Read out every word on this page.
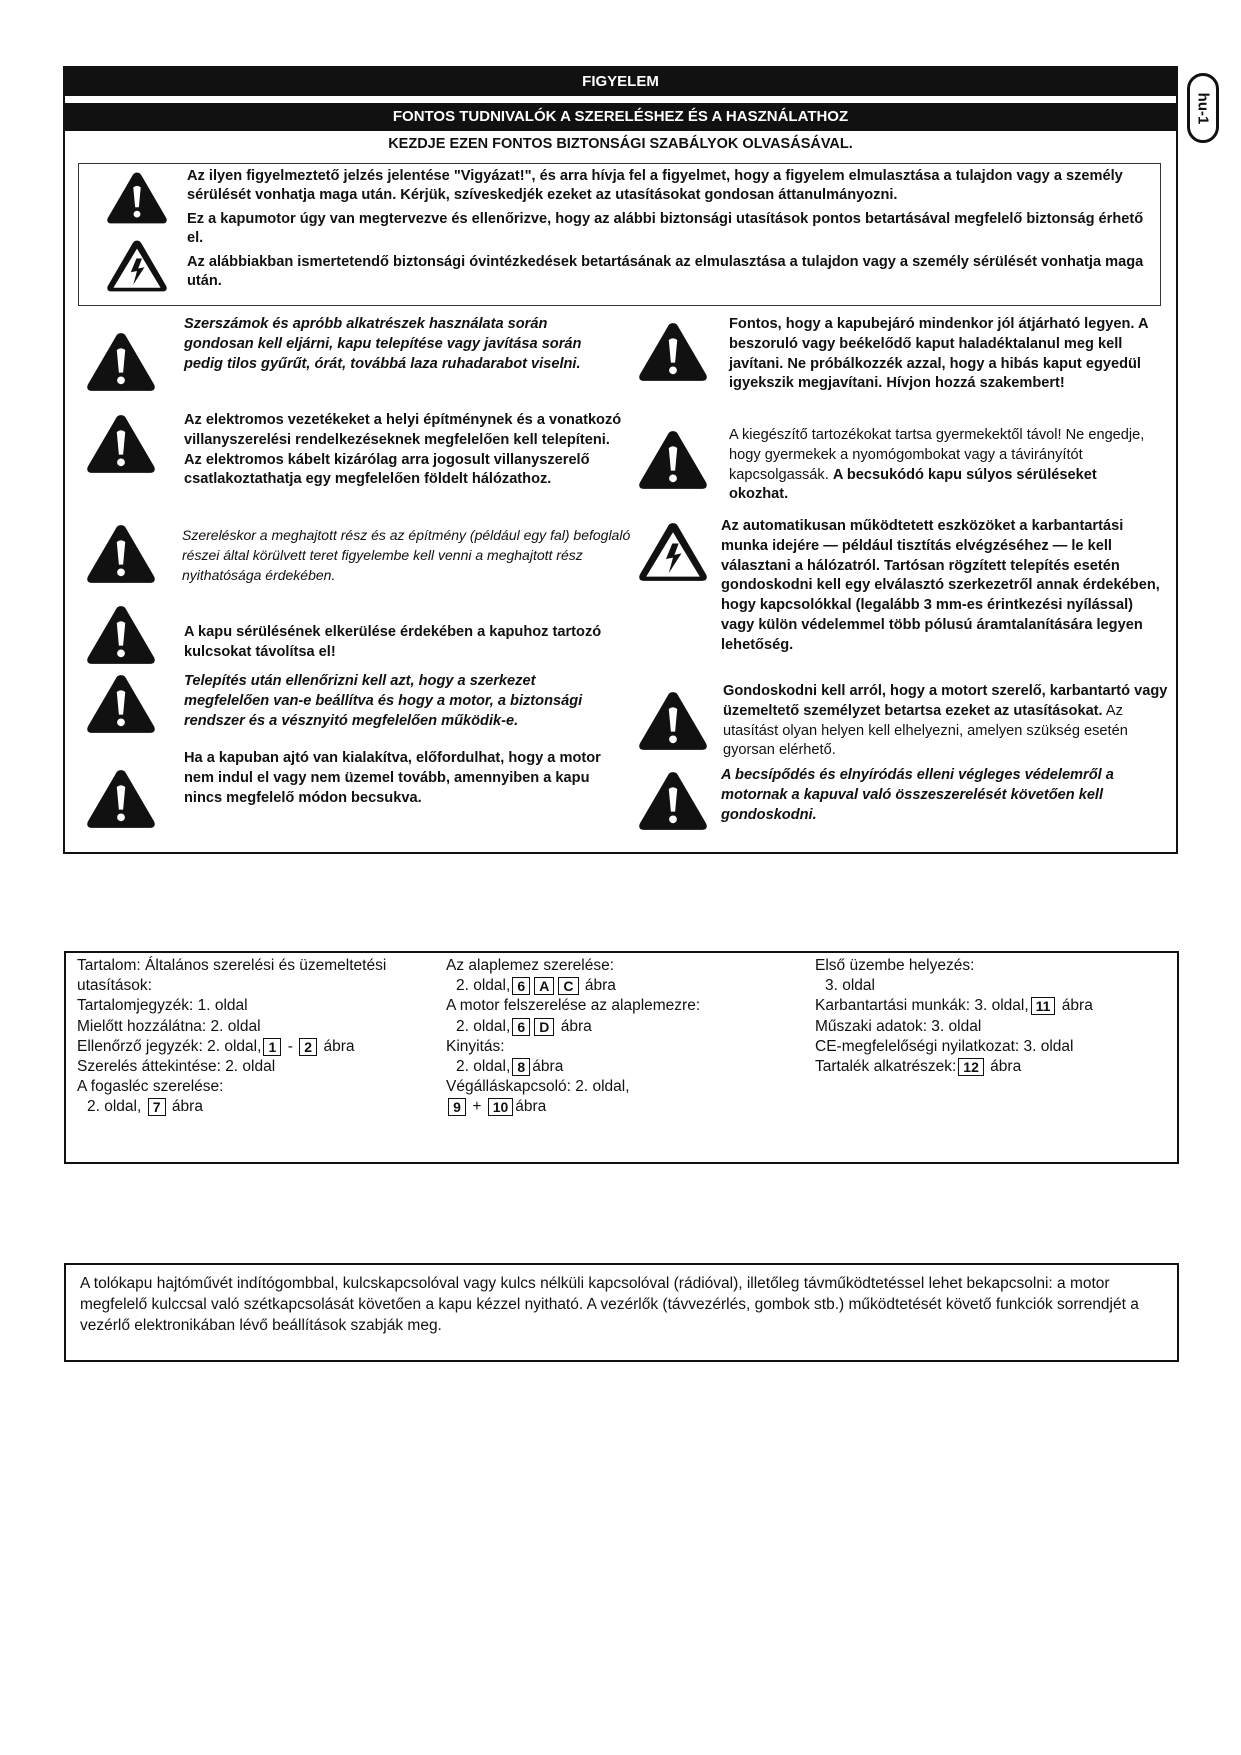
hu-1
FIGYELEM
FONTOS TUDNIVALÓK A SZERELÉSHEZ ÉS A HASZNÁLATHOZ
KEZDJE EZEN FONTOS BIZTONSÁGI SZABÁLYOK OLVASÁSÁVAL.

Az ilyen figyelmeztető jelzés jelentése "Vigyázat!", és arra hívja fel a figyelmet, hogy a figyelem elmulasztása a tulajdon vagy a személy sérülését vonhatja maga után. Kérjük, szíveskedjék ezeket az utasításokat gondosan áttanulmányozni.

Ez a kapumotor úgy van megtervezve és ellenőrizve, hogy az alábbi biztonsági utasítások pontos betartásával megfelelő biztonság érhető el.

Az alábbiakban ismertetendő biztonsági óvintézkedések betartásának az elmulasztása a tulajdon vagy a személy sérülését vonhatja maga után.

Szerszámok és apróbb alkatrészek használata során gondosan kell eljárni, kapu telepítése vagy javítása során pedig tilos gyűrűt, órát, továbbá laza ruhadarabot viselni.

Az elektromos vezetékeket a helyi építménynek és a vonatkozó villanyszerelési rendelkezéseknek megfelelően kell telepíteni. Az elektromos kábelt kizárólag arra jogosult villanyszerelő csatlakoztathatja egy megfelelően földelt hálózathoz.

Szereléskor a meghajtott rész és az építmény (például egy fal) befoglaló részei által körülvett teret figyelembe kell venni a meghajtott rész nyithatósága érdekében.

A kapu sérülésének elkerülése érdekében a kapuhoz tartozó kulcsokat távolítsa el!

Telepítés után ellenőrizni kell azt, hogy a szerkezet megfelelően van-e beállítva és hogy a motor, a biztonsági rendszer és a vésznyitó megfelelően működik-e.

Ha a kapuban ajtó van kialakítva, előfordulhat, hogy a motor nem indul el vagy nem üzemel tovább, amennyiben a kapu nincs megfelelő módon becsukva.

Fontos, hogy a kapubejáró mindenkor jól átjárható legyen. A beszoruló vagy beékelődő kaput haladéktalanul meg kell javítani. Ne próbálkozzék azzal, hogy a hibás kaput egyedül igyekszik megjavítani. Hívjon hozzá szakembert!

A kiegészítő tartozékokat tartsa gyermekektől távol! Ne engedje, hogy gyermekek a nyomógombokat vagy a távirányítót kapcsolgassák. A becsukódó kapu súlyos sérüléseket okozhat.

Az automatikusan működtetett eszközöket a karbantartási munka idejére — például tisztítás elvégzéséhez — le kell választani a hálózatról. Tartósan rögzített telepítés esetén gondoskodni kell egy elválasztó szerkezetről annak érdekében, hogy kapcsolókkal (legalább 3 mm-es érintkezési nyílással) vagy külön védelemmel több pólusú áramtalanítására legyen lehetőség.

Gondoskodni kell arról, hogy a motort szerelő, karbantartó vagy üzemeltető személyzet betartsa ezeket az utasításokat. Az utasítást olyan helyen kell elhelyezni, amelyen szükség esetén gyorsan elérhető.

A becsípődés és elnyíródás elleni végleges védelemről a motornak a kapuval való összeszerelését követően kell gondoskodni.

Tartalom: Általános szerelési és üzemeltetési
utasítások:
Tartalomjegyzék: 1. oldal
Mielőtt hozzálátna: 2. oldal
Ellenőrző jegyzék: 2. oldal, 1 - 2 ábra
Szerelés áttekintése: 2. oldal
A fogasléc szerelése:
2. oldal, 7 ábra
Az alaplemez szerelése:
2. oldal, 6 A C ábra
A motor felszerelése az alaplemezre:
2. oldal, 6 D ábra
Kinyitás:
2. oldal, 8 ábra
Végálláskapcsoló: 2. oldal,
9 + 10 ábra
Első üzembe helyezés:
3. oldal
Karbantartási munkák: 3. oldal, 11 ábra
Műszaki adatok: 3. oldal
CE-megfelelőségi nyilatkozat: 3. oldal
Tartalék alkatrészek: 12 ábra
A tolókapu hajtóművét indítógombbal, kulcskapcsolóval vagy kulcs nélküli kapcsolóval (rádióval), illetőleg távműködtetéssel lehet bekapcsolni: a motor megfelelő kulccsal való szétkapcsolását követően a kapu kézzel nyitható. A vezérlők (távvezérlés, gombok stb.) működtetését követő funkciók sorrendjét a vezérlő elektronikában lévő beállítások szabják meg.
